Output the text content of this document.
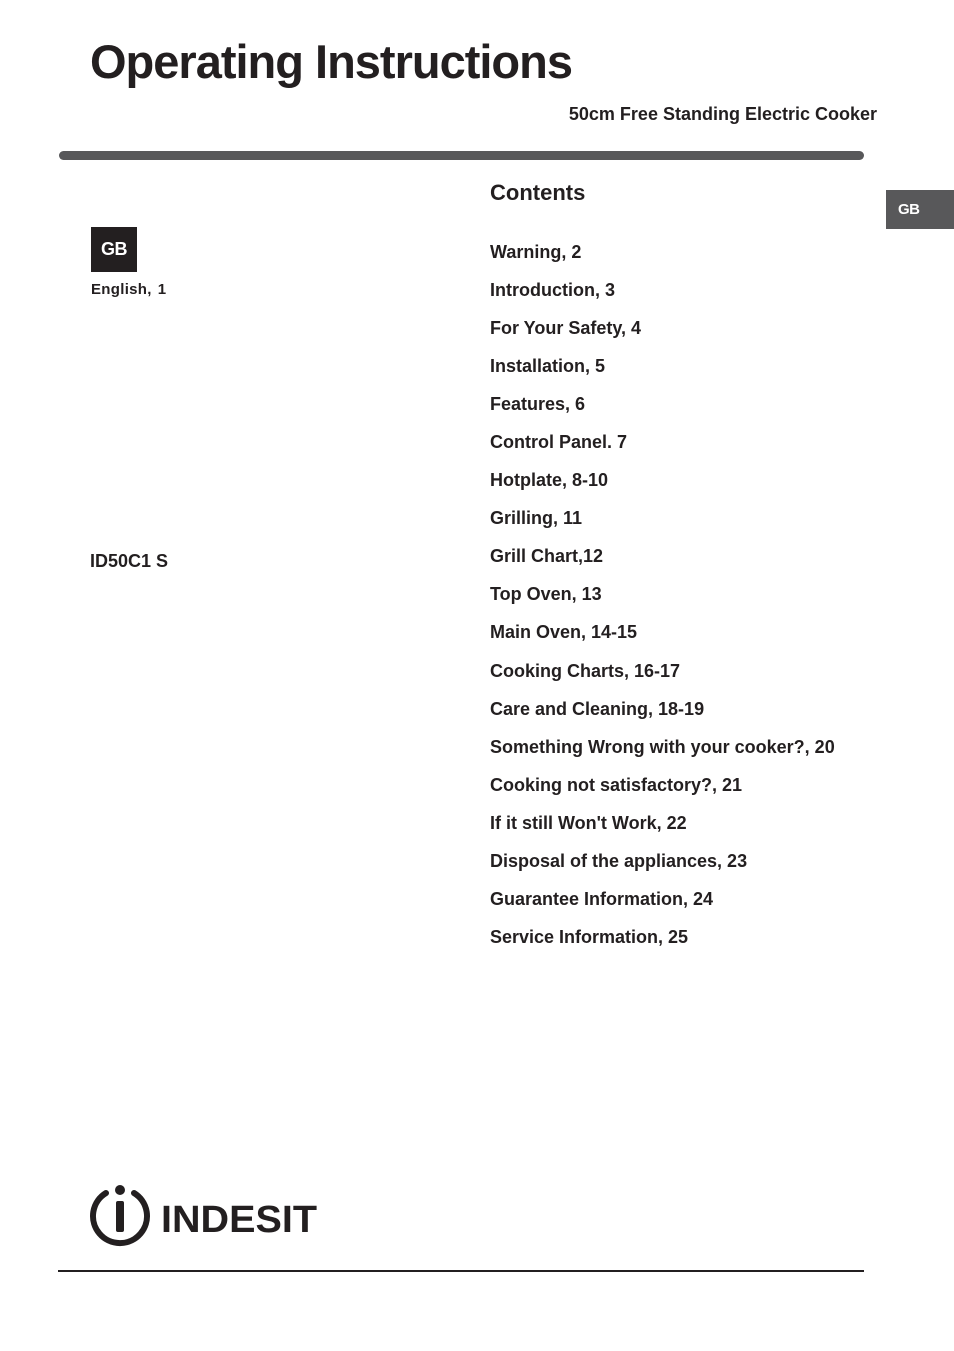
Operating Instructions
50cm Free Standing Electric Cooker
GB
GB
English, 1
ID50C1 S
Contents
Warning, 2
Introduction, 3
For Your Safety, 4
Installation, 5
Features, 6
Control Panel. 7
Hotplate, 8-10
Grilling, 11
Grill Chart,12
Top Oven, 13
Main Oven, 14-15
Cooking Charts, 16-17
Care and Cleaning, 18-19
Something Wrong with your cooker?, 20
Cooking not satisfactory?, 21
If it still Won't Work, 22
Disposal of the appliances, 23
Guarantee Information, 24
Service Information, 25
INDESIT
